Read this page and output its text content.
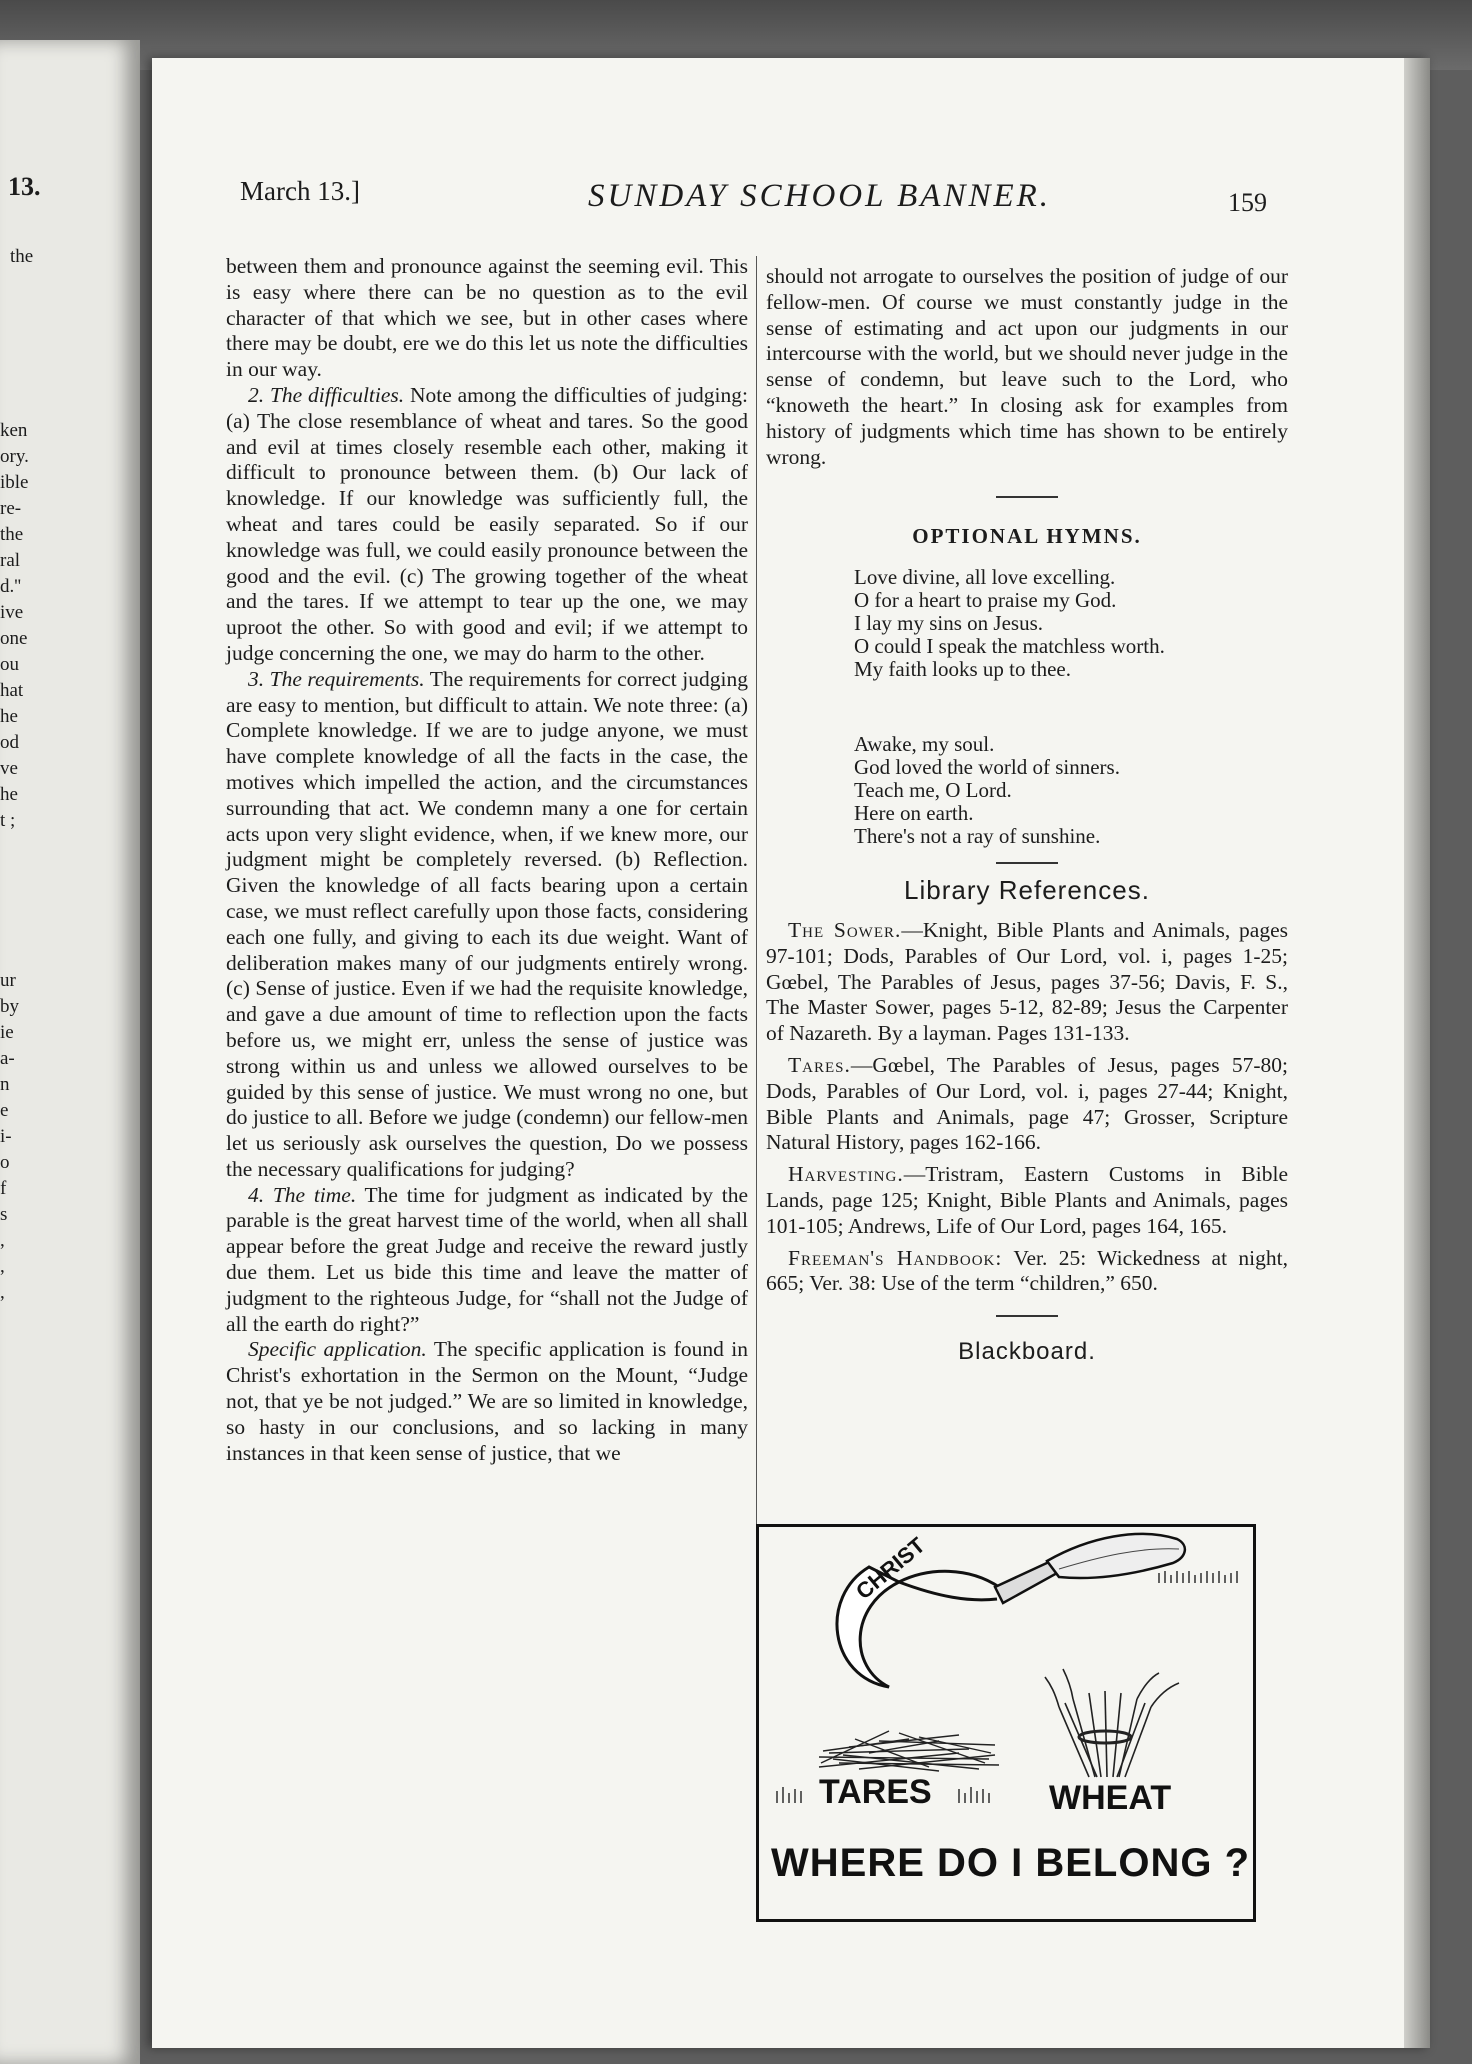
13.
the
ken
ory.
ible
re-
the
ral
d.''
ive
one
ou
hat
he
od
ve
he
t ;
ur
by
ie
a-
n
e
i-
o
f
s
,
,
,
March 13.]	SUNDAY SCHOOL BANNER.	159

between them and pronounce against the seeming evil. This is easy where there can be no question as to the evil character of that which we see, but in other cases where there may be doubt, ere we do this let us note the difficulties in our way.

2. The difficulties. Note among the difficulties of judging: (a) The close resemblance of wheat and tares. So the good and evil at times closely resemble each other, making it difficult to pronounce between them. (b) Our lack of knowledge. If our knowledge was sufficiently full, the wheat and tares could be easily separated. So if our knowledge was full, we could easily pronounce between the good and the evil. (c) The growing together of the wheat and the tares. If we attempt to tear up the one, we may uproot the other. So with good and evil; if we attempt to judge concerning the one, we may do harm to the other.

3. The requirements. The requirements for correct judging are easy to mention, but difficult to attain. We note three: (a) Complete knowledge. If we are to judge anyone, we must have complete knowledge of all the facts in the case, the motives which impelled the action, and the circumstances surrounding that act. We condemn many a one for certain acts upon very slight evidence, when, if we knew more, our judgment might be completely reversed. (b) Reflection. Given the knowledge of all facts bearing upon a certain case, we must reflect carefully upon those facts, considering each one fully, and giving to each its due weight. Want of deliberation makes many of our judgments entirely wrong. (c) Sense of justice. Even if we had the requisite knowledge, and gave a due amount of time to reflection upon the facts before us, we might err, unless the sense of justice was strong within us and unless we allowed ourselves to be guided by this sense of justice. We must wrong no one, but do justice to all. Before we judge (condemn) our fellow-men let us seriously ask ourselves the question, Do we possess the necessary qualifications for judging?

4. The time. The time for judgment as indicated by the parable is the great harvest time of the world, when all shall appear before the great Judge and receive the reward justly due them. Let us bide this time and leave the matter of judgment to the righteous Judge, for “shall not the Judge of all the earth do right?”

Specific application. The specific application is found in Christ's exhortation in the Sermon on the Mount, “Judge not, that ye be not judged.” We are so limited in knowledge, so hasty in our conclusions, and so lacking in many instances in that keen sense of justice, that we

should not arrogate to ourselves the position of judge of our fellow-men. Of course we must constantly judge in the sense of estimating and act upon our judgments in our intercourse with the world, but we should never judge in the sense of condemn, but leave such to the Lord, who “knoweth the heart.” In closing ask for examples from history of judgments which time has shown to be entirely wrong.

OPTIONAL HYMNS.
Love divine, all love excelling.
O for a heart to praise my God.
I lay my sins on Jesus.
O could I speak the matchless worth.
My faith looks up to thee.
Awake, my soul.
God loved the world of sinners.
Teach me, O Lord.
Here on earth.
There's not a ray of sunshine.
Library References.

The Sower.—Knight, Bible Plants and Animals, pages 97-101; Dods, Parables of Our Lord, vol. i, pages 1-25; Gœbel, The Parables of Jesus, pages 37-56; Davis, F. S., The Master Sower, pages 5-12, 82-89; Jesus the Carpenter of Nazareth. By a layman. Pages 131-133.

Tares.—Gœbel, The Parables of Jesus, pages 57-80; Dods, Parables of Our Lord, vol. i, pages 27-44; Knight, Bible Plants and Animals, page 47; Grosser, Scripture Natural History, pages 162-166.

Harvesting.—Tristram, Eastern Customs in Bible Lands, page 125; Knight, Bible Plants and Animals, pages 101-105; Andrews, Life of Our Lord, pages 164, 165.

Freeman's Handbook: Ver. 25: Wickedness at night, 665; Ver. 38: Use of the term “children,” 650.

Blackboard.
CHRIST
TARES	WHEAT
WHERE DO I BELONG ?
